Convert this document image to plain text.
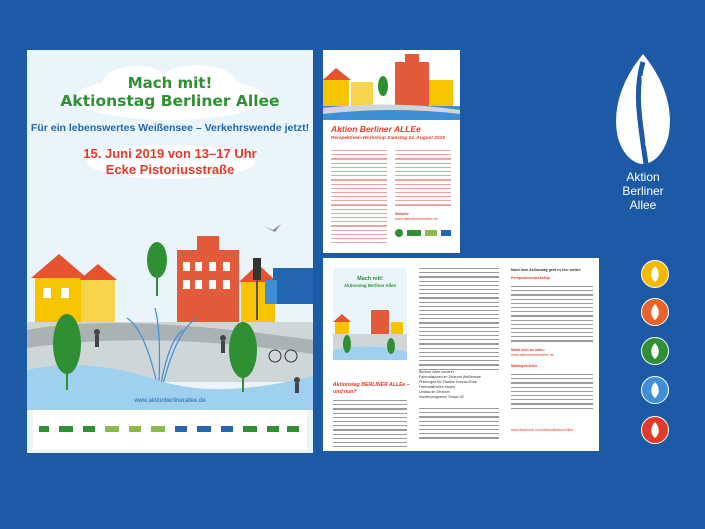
Mach mit!
Aktionstag Berliner Allee
Für ein lebenswertes Weißensee – Verkehrswende jetzt!
15. Juni 2019 von 13–17 Uhr
Ecke Pistoriusstraße
www.aktionberlinerallee.de
Aktion Berliner ALLEe
Perspektiven-Workshop Samstag 24. August 2019
Website
www.aktionberlinerallee.de
Mach mit!
Aktionstag Berliner Allee
Aktionstag BERLINER ALLEe – und nun?
Berliner Allee sicherer
Fahrradspuren im Zentrum Weißensee
Planungen für Straßen Konrau-Ecke
Fahrradstraßen bauen
Umbau im Zentrum
Sonderprogramm Tempo 30
Nach dem Aktionstag geht es hier weiter:
Perspektivenworkshop
Mobil sich an unter:
www.aktionberlinerallee.de
Mailingverteiler
www.facebook.com/AktionBerlinerAllee
Aktion
Berliner Allee
